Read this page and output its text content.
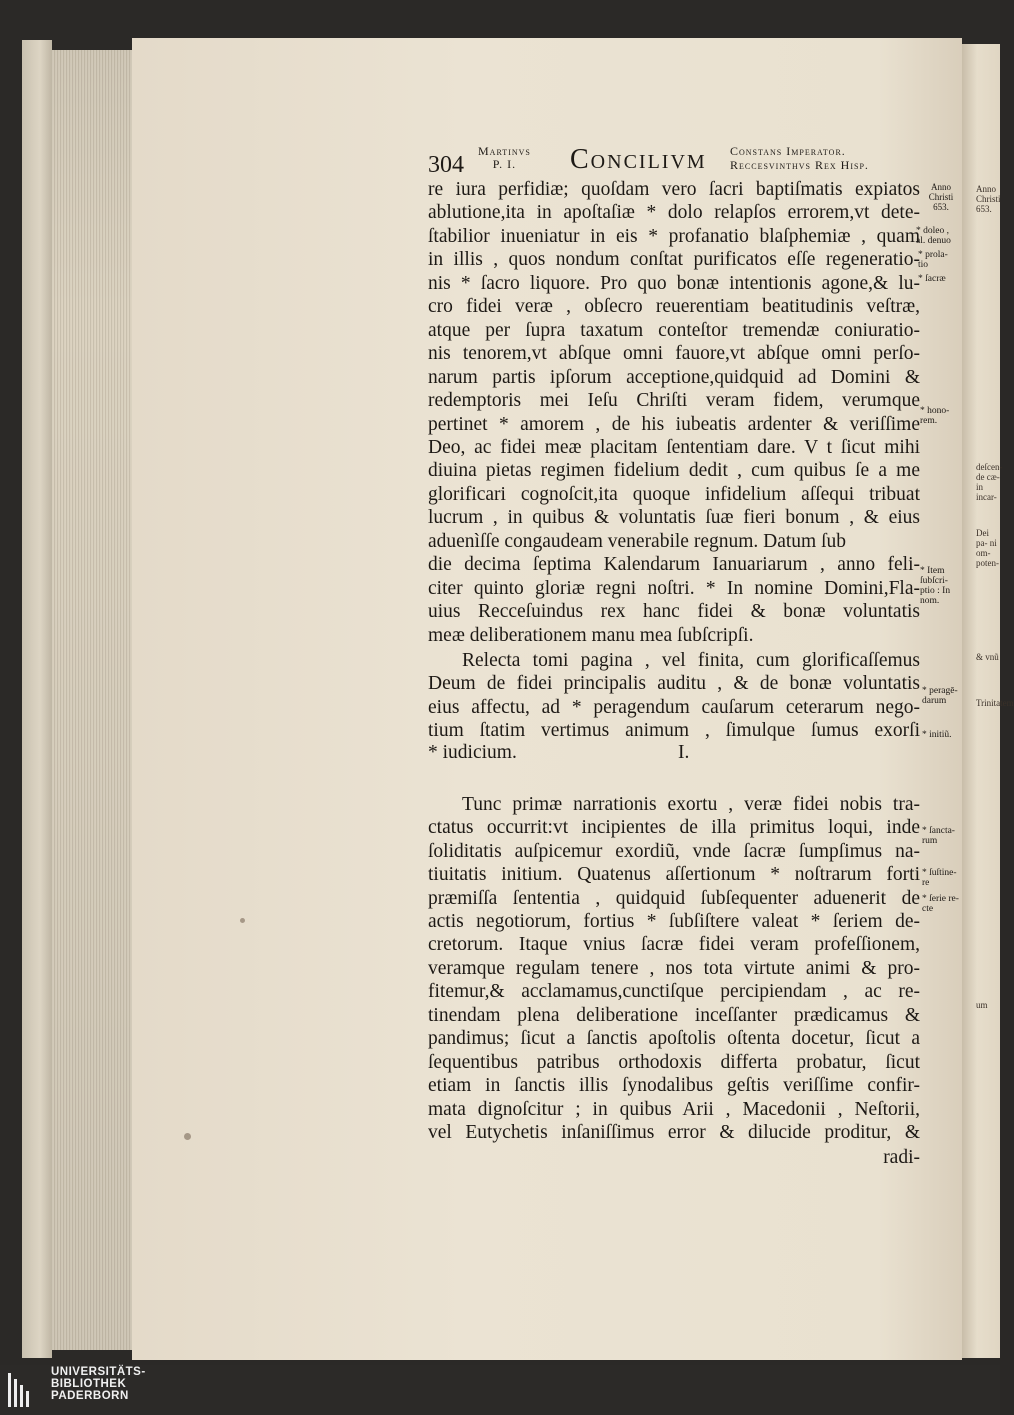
Anno Christi 653.
deſcen- de cæ- in incar-
Dei pa- ni om- poten-
& vnũ
Trinitatem
um
304
Martinvs
P. I.	Concilivm Constans Imperator.
Reccesvinthvs Rex Hisp.
re iura perfidiæ; quoſdam vero ſacri baptiſmatis expiatos
ablutione,ita in apoſtaſiæ * dolo relapſos errorem,vt dete-
ſtabilior inueniatur in eis * profanatio blaſphemiæ , quam
in illis , quos nondum conſtat purificatos eſſe regeneratio-
nis * ſacro liquore. Pro quo bonæ intentionis agone,& lu-
cro fidei veræ , obſecro reuerentiam beatitudinis veſtræ,
atque per ſupra taxatum conteſtor tremendæ coniuratio-
nis tenorem,vt abſque omni fauore,vt abſque omni perſo-
narum partis ipſorum acceptione,quidquid ad Domini &
redemptoris mei Ieſu Chriſti veram fidem, verumque
pertinet * amorem , de his iubeatis ardenter & veriſſime
Deo, ac fidei meæ placitam ſententiam dare. V t ſicut mihi
diuina pietas regimen fidelium dedit , cum quibus ſe a me
glorificari cognoſcit,ita quoque infidelium aſſequi tribuat
lucrum , in quibus & voluntatis ſuæ fieri bonum , & eius
aduenìſſe congaudeam venerabile regnum. Datum ſub
die decima ſeptima Kalendarum Ianuariarum , anno feli-
citer quinto gloriæ regni noſtri. * In nomine Domini,Fla-
uius Recceſuindus rex hanc fidei & bonæ voluntatis
meæ deliberationem manu mea ſubſcripſi.
Relecta tomi pagina , vel finita, cum glorificaſſemus
Deum de fidei principalis auditu , & de bonæ voluntatis
eius affectu, ad * peragendum cauſarum ceterarum nego-
tium ſtatim vertimus animum , ſimulque ſumus exorſi
* iudicium.	I.
Tunc primæ narrationis exortu , veræ fidei nobis tra-
ctatus occurrit:vt incipientes de illa primitus loqui, inde
ſoliditatis auſpicemur exordiũ, vnde ſacræ ſumpſimus na-
tiuitatis initium. Quatenus aſſertionum * noſtrarum forti
præmiſſa ſententia , quidquid ſubſequenter aduenerit de
actis negotiorum, fortius * ſubſiſtere valeat * ſeriem de-
cretorum. Itaque vnius ſacræ fidei veram profeſſionem,
veramque regulam tenere , nos tota virtute animi & pro-
fitemur,& acclamamus,cunctiſque percipiendam , ac re-
tinendam plena deliberatione inceſſanter prædicamus &
pandimus; ſicut a ſanctis apoſtolis oſtenta docetur, ſicut a
ſequentibus patribus orthodoxis differta probatur, ſicut
etiam in ſanctis illis ſynodalibus geſtis veriſſime confir-
mata dignoſcitur ; in quibus Arii , Macedonii , Neſtorii,
vel Eutychetis inſaniſſimus error & dilucide proditur, &
radi-
Anno
Christi
653.
* doleo ,
al. denuo
* prola-
tio
* ſacræ
* hono-
rem.
* Item
ſubſcri-
ptio : In
nom.
* peragē-
darum
* initiũ.
* ſancta-
rum
* ſuſtine-
re
* ſerie re-
cte
UNIVERSITÄTS-
BIBLIOTHEK
PADERBORN
